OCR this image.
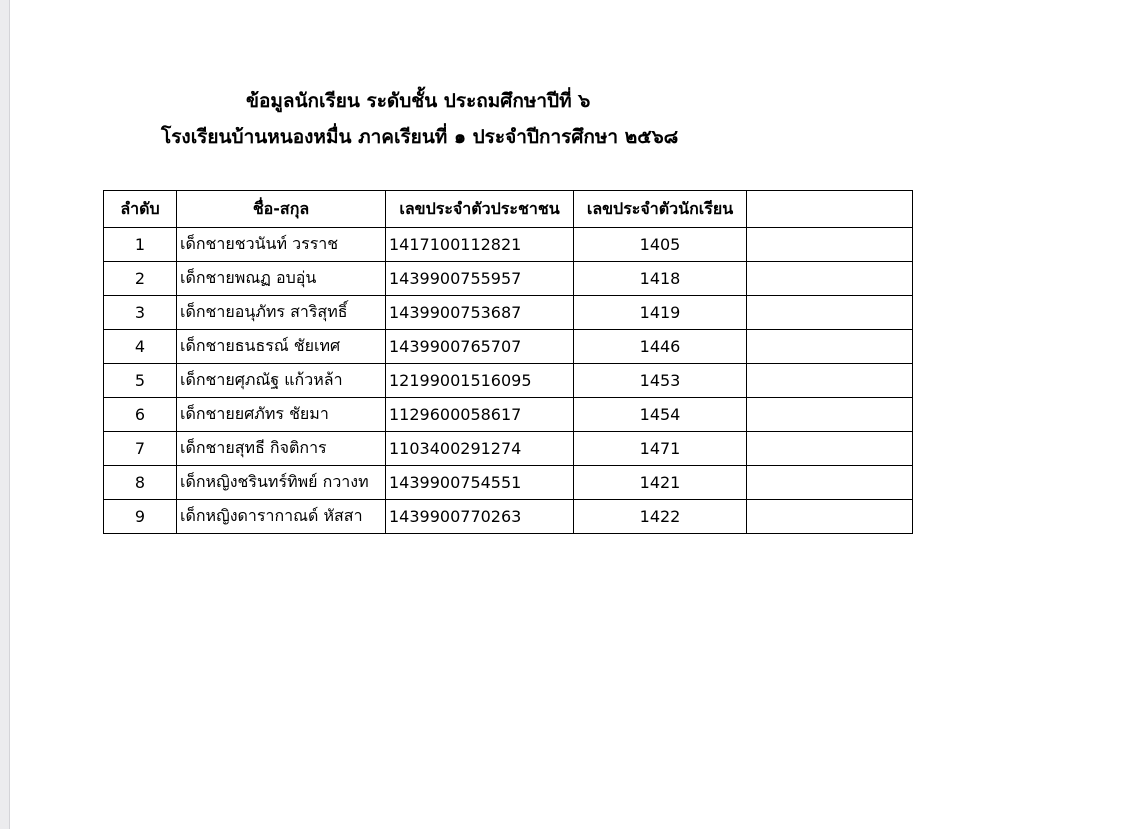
ข้อมูลนักเรียน ระดับชั้น ประถมศึกษาปีที่ ๖
โรงเรียนบ้านหนองหมื่น ภาคเรียนที่ ๑ ประจำปีการศึกษา ๒๕๖๘
ลำดับ	ชื่อ-สกุล	เลขประจำตัวประชาชน	เลขประจำตัวนักเรียน	
1	เด็กชายชวนันท์ วรราช	1417100112821	1405	
2	เด็กชายพณฏ อบอุ่น	1439900755957	1418	
3	เด็กชายอนุภัทร สาริสุทธิ์	1439900753687	1419	
4	เด็กชายธนธรณ์ ชัยเทศ	1439900765707	1446	
5	เด็กชายศุภณัฐ แก้วหล้า	12199001516095	1453	
6	เด็กชายยศภัทร ชัยมา	1129600058617	1454	
7	เด็กชายสุทธี กิจติการ	1103400291274	1471	
8	เด็กหญิงชรินทร์ทิพย์ กวางท	1439900754551	1421	
9	เด็กหญิงดารากาณด์ หัสสา	1439900770263	1422	
